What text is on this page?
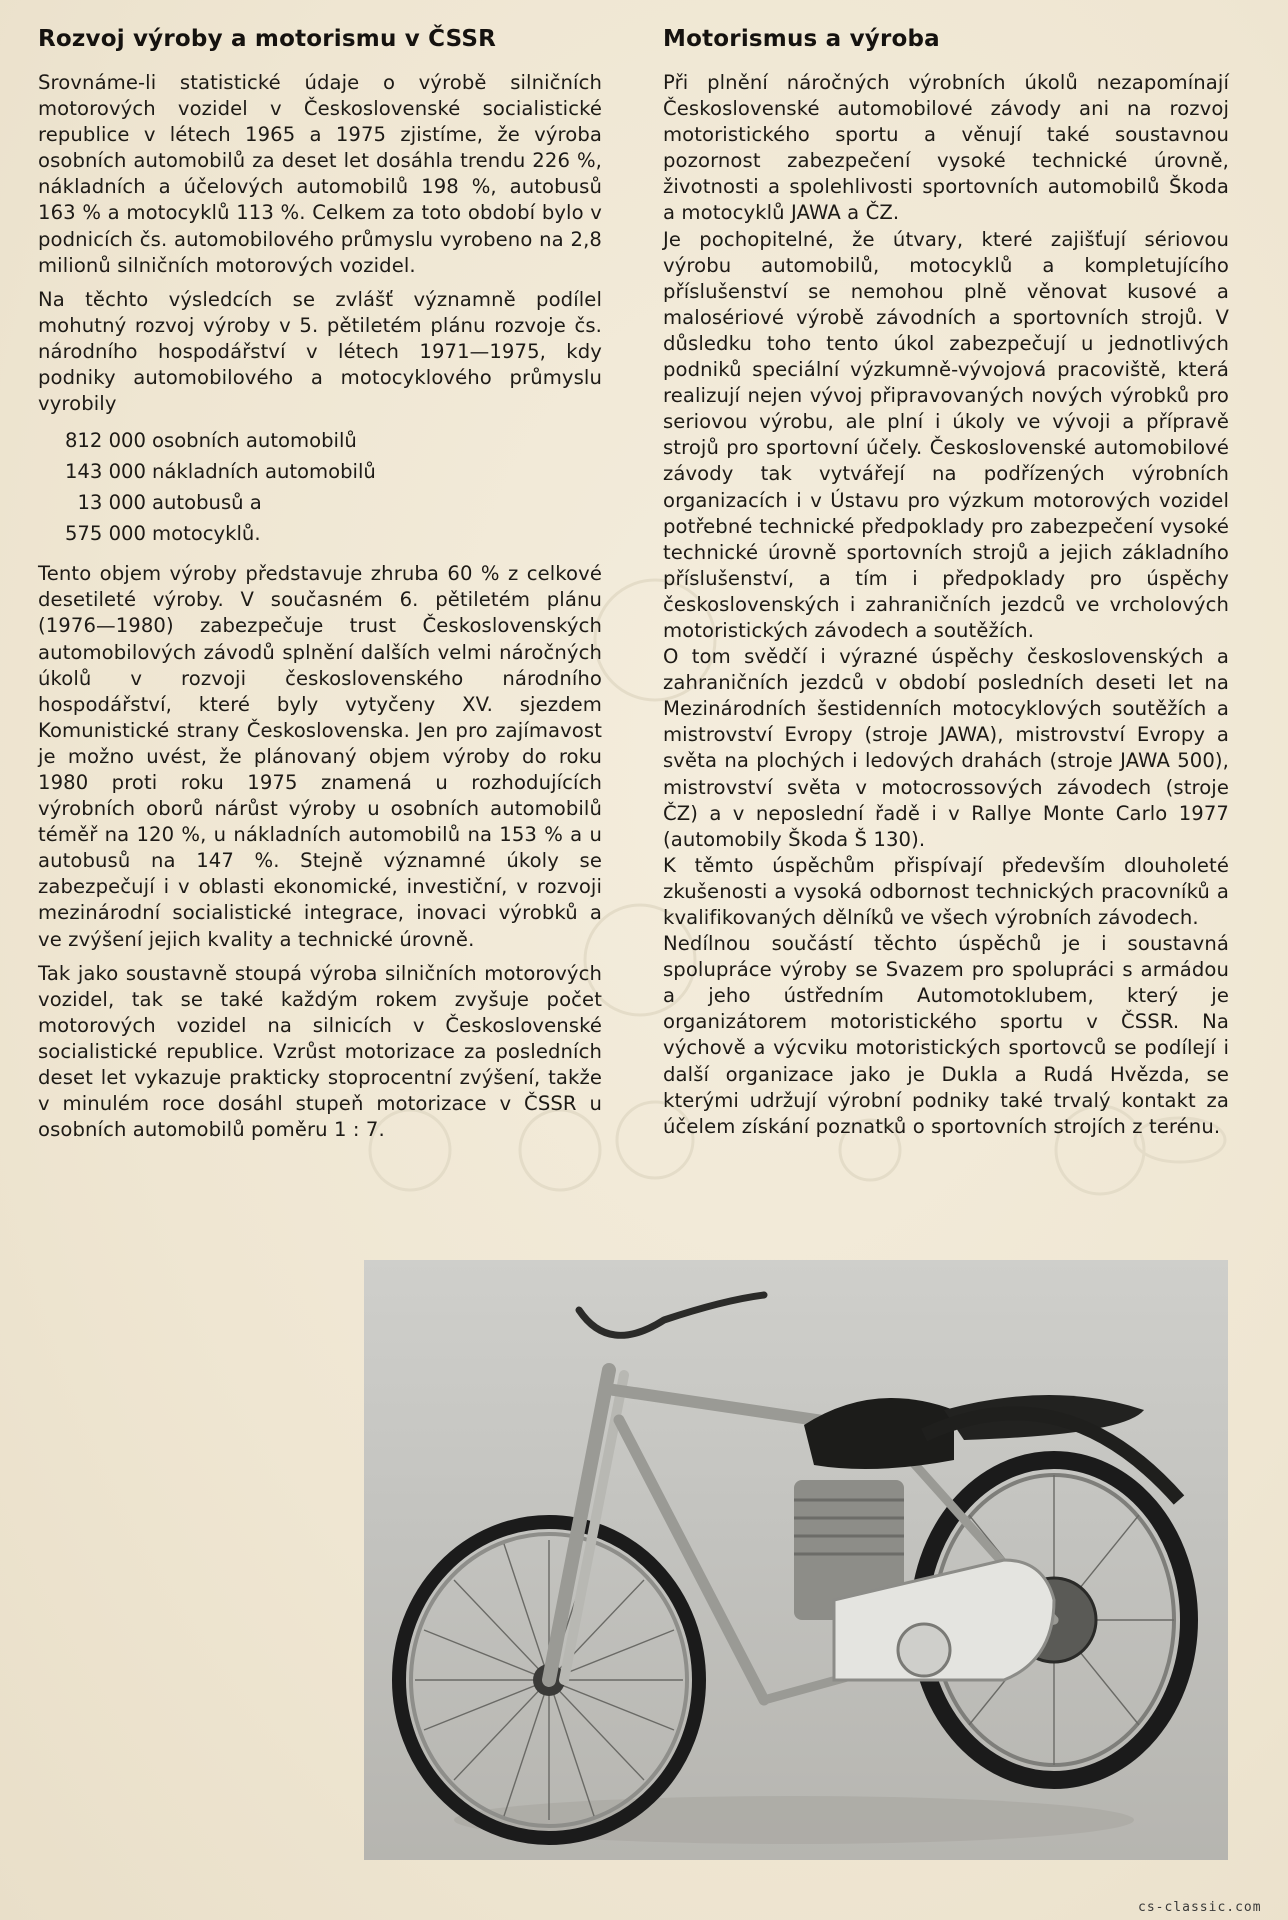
Rozvoj výroby a motorismu v ČSSR

Srovnáme-li statistické údaje o výrobě silničních motorových vozidel v Československé socialistické republice v létech 1965 a 1975 zjistíme, že výroba osobních automobilů za deset let dosáhla trendu 226 %, nákladních a účelových automobilů 198 %, autobusů 163 % a motocyklů 113 %. Celkem za toto období bylo v podnicích čs. automobilového průmyslu vyrobeno na 2,8 milionů silničních motorových vozidel.

Na těchto výsledcích se zvlášť významně podílel mohutný rozvoj výroby v 5. pětiletém plánu rozvoje čs. národního hospodářství v létech 1971—1975, kdy podniky automobilového a motocyklového průmyslu vyrobily

812 000 osobních automobilů
143 000 nákladních automobilů
13 000 autobusů a
575 000 motocyklů.

Tento objem výroby představuje zhruba 60 % z celkové desetileté výroby. V současném 6. pětiletém plánu (1976—1980) zabezpečuje trust Československých automobilových závodů splnění dalších velmi náročných úkolů v rozvoji československého národního hospodářství, které byly vytyčeny XV. sjezdem Komunistické strany Československa. Jen pro zajímavost je možno uvést, že plánovaný objem výroby do roku 1980 proti roku 1975 znamená u rozhodujících výrobních oborů nárůst výroby u osobních automobilů téměř na 120 %, u nákladních automobilů na 153 % a u autobusů na 147 %. Stejně významné úkoly se zabezpečují i v oblasti ekonomické, investiční, v rozvoji mezinárodní socialistické integrace, inovaci výrobků a ve zvýšení jejich kvality a technické úrovně.

Tak jako soustavně stoupá výroba silničních motorových vozidel, tak se také každým rokem zvyšuje počet motorových vozidel na silnicích v Československé socialistické republice. Vzrůst motorizace za posledních deset let vykazuje prakticky stoprocentní zvýšení, takže v minulém roce dosáhl stupeň motorizace v ČSSR u osobních automobilů poměru 1 : 7.

Motorismus a výroba

Při plnění náročných výrobních úkolů nezapomínají Československé automobilové závody ani na rozvoj motoristického sportu a věnují také soustavnou pozornost zabezpečení vysoké technické úrovně, životnosti a spolehlivosti sportovních automobilů Škoda a motocyklů JAWA a ČZ.

Je pochopitelné, že útvary, které zajišťují sériovou výrobu automobilů, motocyklů a kompletujícího příslušenství se nemohou plně věnovat kusové a malosériové výrobě závodních a sportovních strojů. V důsledku toho tento úkol zabezpečují u jednotlivých podniků speciální výzkumně-vývojová pracoviště, která realizují nejen vývoj připravovaných nových výrobků pro seriovou výrobu, ale plní i úkoly ve vývoji a přípravě strojů pro sportovní účely. Československé automobilové závody tak vytvářejí na podřízených výrobních organizacích i v Ústavu pro výzkum motorových vozidel potřebné technické předpoklady pro zabezpečení vysoké technické úrovně sportovních strojů a jejich základního příslušenství, a tím i předpoklady pro úspěchy československých i zahraničních jezdců ve vrcholových motoristických závodech a soutěžích.

O tom svědčí i výrazné úspěchy československých a zahraničních jezdců v období posledních deseti let na Mezinárodních šestidenních motocyklových soutěžích a mistrovství Evropy (stroje JAWA), mistrovství Evropy a světa na plochých i ledových drahách (stroje JAWA 500), mistrovství světa v motocrossových závodech (stroje ČZ) a v neposlední řadě i v Rallye Monte Carlo 1977 (automobily Škoda Š 130).

K těmto úspěchům přispívají především dlouholeté zkušenosti a vysoká odbornost technických pracovníků a kvalifikovaných dělníků ve všech výrobních závodech.

Nedílnou součástí těchto úspěchů je i soustavná spolupráce výroby se Svazem pro spolupráci s armádou a jeho ústředním Automotoklubem, který je organizátorem motoristického sportu v ČSSR. Na výchově a výcviku motoristických sportovců se podílejí i další organizace jako je Dukla a Rudá Hvězda, se kterými udržují výrobní podniky také trvalý kontakt za účelem získání poznatků o sportovních strojích z terénu.

cs-classic.com
